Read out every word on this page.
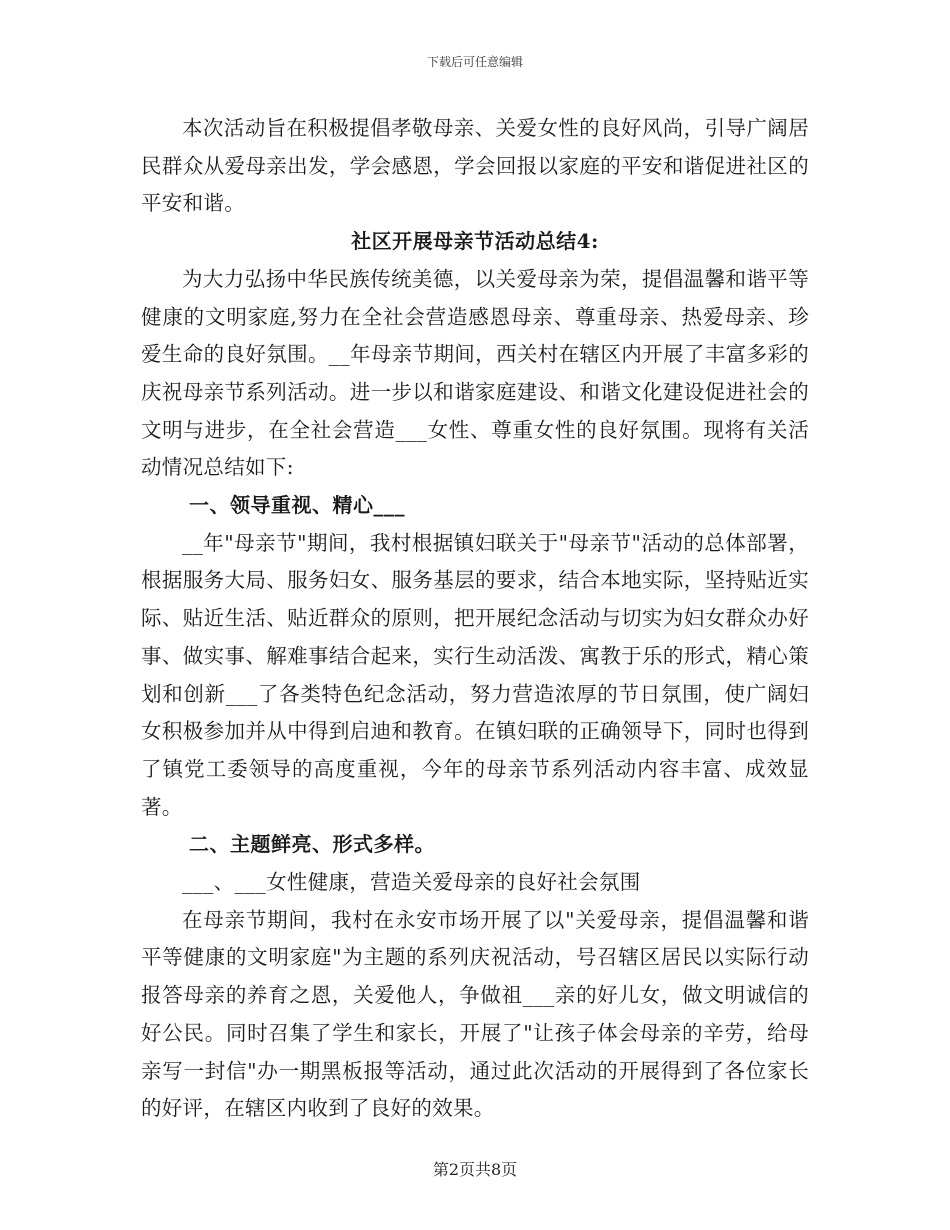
下载后可任意编辑

本次活动旨在积极提倡孝敬母亲、关爱女性的良好风尚，引导广阔居民群众从爱母亲出发，学会感恩，学会回报以家庭的平安和谐促进社区的平安和谐。

社区开展母亲节活动总结4:

为大力弘扬中华民族传统美德，以关爱母亲为荣，提倡温馨和谐平等健康的文明家庭,努力在全社会营造感恩母亲、尊重母亲、热爱母亲、珍爱生命的良好氛围。__年母亲节期间，西关村在辖区内开展了丰富多彩的庆祝母亲节系列活动。进一步以和谐家庭建设、和谐文化建设促进社会的文明与进步，在全社会营造___女性、尊重女性的良好氛围。现将有关活动情况总结如下:

一、领导重视、精心___

__年"母亲节"期间，我村根据镇妇联关于"母亲节"活动的总体部署，根据服务大局、服务妇女、服务基层的要求，结合本地实际，坚持贴近实际、贴近生活、贴近群众的原则，把开展纪念活动与切实为妇女群众办好事、做实事、解难事结合起来，实行生动活泼、寓教于乐的形式，精心策划和创新___了各类特色纪念活动，努力营造浓厚的节日氛围，使广阔妇女积极参加并从中得到启迪和教育。在镇妇联的正确领导下，同时也得到了镇党工委领导的高度重视，今年的母亲节系列活动内容丰富、成效显著。

二、主题鲜亮、形式多样。

___、___女性健康，营造关爱母亲的良好社会氛围

在母亲节期间，我村在永安市场开展了以"关爱母亲，提倡温馨和谐平等健康的文明家庭"为主题的系列庆祝活动，号召辖区居民以实际行动报答母亲的养育之恩，关爱他人，争做祖___亲的好儿女，做文明诚信的好公民。同时召集了学生和家长，开展了"让孩子体会母亲的辛劳，给母亲写一封信"办一期黑板报等活动，通过此次活动的开展得到了各位家长的好评，在辖区内收到了良好的效果。

第2页共8页
